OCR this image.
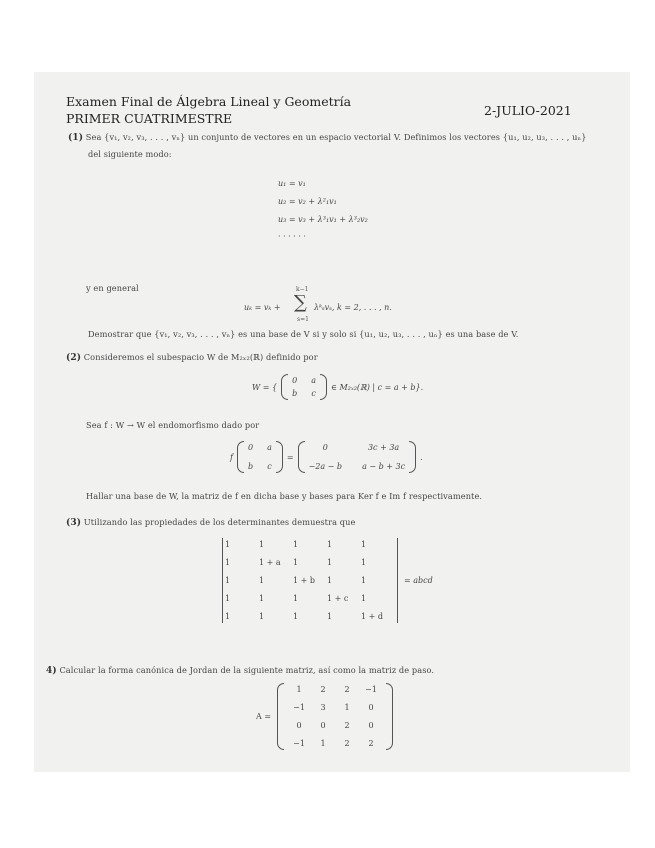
Examen Final de Álgebra Lineal y Geometría
PRIMER CUATRIMESTRE
2-JULIO-2021
(1) Sea {v₁, v₂, v₃, . . . , vₙ} un conjunto de vectores en un espacio vectorial V. Definimos los vectores {u₁, u₂, u₃, . . . , uₙ}
del siguiente modo:
u₁ = v₁
u₂ = v₂ + λ²₁v₁
u₃ = v₃ + λ³₁v₁ + λ³₂v₂
· · · · · ·
y en general
uₖ = vₖ +
k−1
∑
s=1
λᵏₛvₛ, k = 2, . . . , n.
Demostrar que {v₁, v₂, v₃, . . . , vₙ} es una base de V si y solo si {u₁, u₂, u₃, . . . , uₙ} es una base de V.
(2) Consideremos el subespacio W de M₂ₓ₂(ℝ) definido por
W = {
0 a
b c
∈ M₂ₓ₂(ℝ) | c = a + b}.
Sea f : W → W el endomorfismo dado por
f
0 a
b c
=
0	3c + 3a
−2a − b	a − b + 3c
.
Hallar una base de W, la matriz de f en dicha base y bases para Ker f e Im f respectivamente.
(3) Utilizando las propiedades de los determinantes demuestra que
1	1	1	1	1
1	1 + a	1	1	1
1	1	1 + b	1	1
1	1	1	1 + c	1
1	1	1	1	1 + d
= abcd
4) Calcular la forma canónica de Jordan de la siguiente matriz, así como la matriz de paso.
A =
1 2 2 −1
−1 3 1 0
0 0 2 0
−1 1 2 2
